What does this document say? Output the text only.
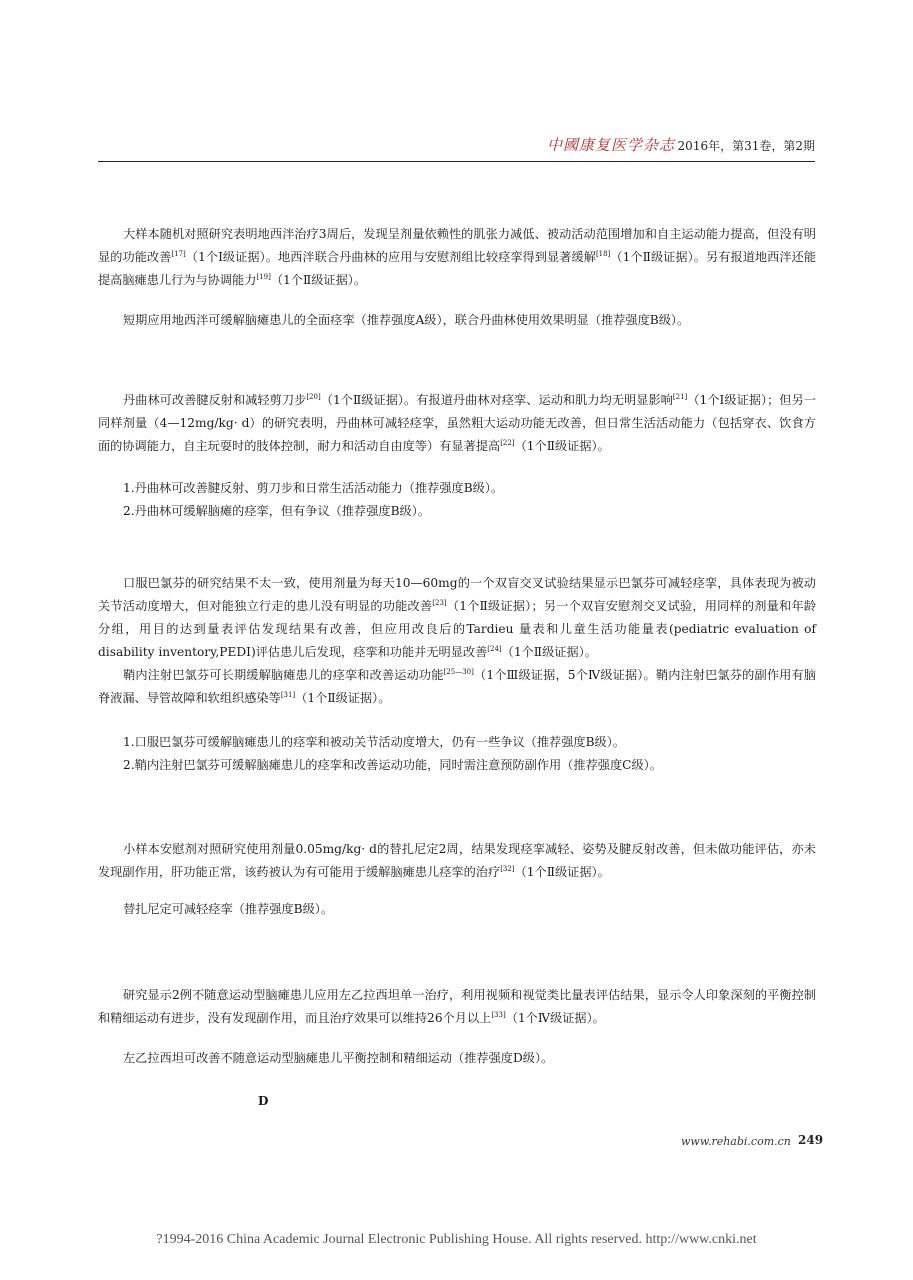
中國康复医学杂志 2016年，第31卷，第2期

大样本随机对照研究表明地西泮治疗3周后，发现呈剂量依赖性的肌张力减低、被动活动范围增加和自主运动能力提高，但没有明显的功能改善[17]（1个Ⅰ级证据）。地西泮联合丹曲林的应用与安慰剂组比较痉挛得到显著缓解[18]（1个Ⅱ级证据）。另有报道地西泮还能提高脑瘫患儿行为与协调能力[19]（1个Ⅱ级证据）。

短期应用地西泮可缓解脑瘫患儿的全面痉挛（推荐强度A级），联合丹曲林使用效果明显（推荐强度B级）。

丹曲林可改善腱反射和减轻剪刀步[20]（1个Ⅱ级证据）。有报道丹曲林对痉挛、运动和肌力均无明显影响[21]（1个Ⅰ级证据）；但另一同样剂量（4—12mg/kg· d）的研究表明，丹曲林可减轻痉挛，虽然粗大运动功能无改善，但日常生活活动能力（包括穿衣、饮食方面的协调能力，自主玩耍时的肢体控制，耐力和活动自由度等）有显著提高[22]（1个Ⅱ级证据）。

1.丹曲林可改善腱反射、剪刀步和日常生活活动能力（推荐强度B级）。

2.丹曲林可缓解脑瘫的痉挛，但有争议（推荐强度B级）。

口服巴氯芬的研究结果不太一致，使用剂量为每天10—60mg的一个双盲交叉试验结果显示巴氯芬可减轻痉挛，具体表现为被动关节活动度增大，但对能独立行走的患儿没有明显的功能改善[23]（1个Ⅱ级证据）；另一个双盲安慰剂交叉试验，用同样的剂量和年龄分组，用目的达到量表评估发现结果有改善，但应用改良后的Tardieu 量表和儿童生活功能量表(pediatric evaluation of disability inventory,PEDI)评估患儿后发现，痉挛和功能并无明显改善[24]（1个Ⅱ级证据）。

鞘内注射巴氯芬可长期缓解脑瘫患儿的痉挛和改善运动功能[25—30]（1个Ⅲ级证据，5个Ⅳ级证据）。鞘内注射巴氯芬的副作用有脑脊液漏、导管故障和软组织感染等[31]（1个Ⅱ级证据）。

1.口服巴氯芬可缓解脑瘫患儿的痉挛和被动关节活动度增大，仍有一些争议（推荐强度B级）。

2.鞘内注射巴氯芬可缓解脑瘫患儿的痉挛和改善运动功能，同时需注意预防副作用（推荐强度C级）。

小样本安慰剂对照研究使用剂量0.05mg/kg· d的替扎尼定2周，结果发现痉挛减轻、姿势及腱反射改善，但未做功能评估，亦未发现副作用，肝功能正常，该药被认为有可能用于缓解脑瘫患儿痉挛的治疗[32]（1个Ⅱ级证据）。

替扎尼定可减轻痉挛（推荐强度B级）。

研究显示2例不随意运动型脑瘫患儿应用左乙拉西坦单一治疗，利用视频和视觉类比量表评估结果，显示令人印象深刻的平衡控制和精细运动有进步，没有发现副作用，而且治疗效果可以维持26个月以上[33]（1个Ⅳ级证据）。

左乙拉西坦可改善不随意运动型脑瘫患儿平衡控制和精细运动（推荐强度D级）。

D
www.rehabi.com.cn 249
?1994-2016 China Academic Journal Electronic Publishing House. All rights reserved. http://www.cnki.net
